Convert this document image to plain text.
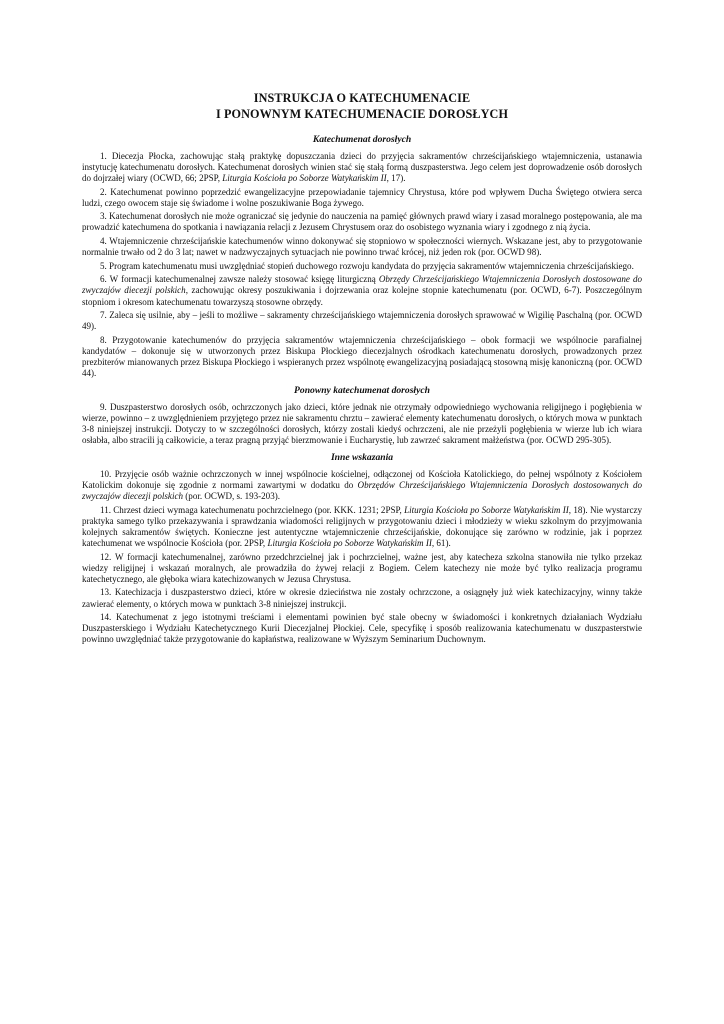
INSTRUKCJA O KATECHUMENACIE
I PONOWNYM KATECHUMENACIE DOROSŁYCH
Katechumenat dorosłych

1. Diecezja Płocka, zachowując stałą praktykę dopuszczania dzieci do przyjęcia sakramentów chrześcijańskiego wtajemniczenia, ustanawia instytucję katechumenatu dorosłych. Katechumenat dorosłych winien stać się stałą formą duszpasterstwa. Jego celem jest doprowadzenie osób dorosłych do dojrzałej wiary (OCWD, 66; 2PSP, Liturgia Kościoła po Soborze Watykańskim II, 17).

2. Katechumenat powinno poprzedzić ewangelizacyjne przepowiadanie tajemnicy Chrystusa, które pod wpływem Ducha Świętego otwiera serca ludzi, czego owocem staje się świadome i wolne poszukiwanie Boga żywego.

3. Katechumenat dorosłych nie może ograniczać się jedynie do nauczenia na pamięć głównych prawd wiary i zasad moralnego postępowania, ale ma prowadzić katechumena do spotkania i nawiązania relacji z Jezusem Chrystusem oraz do osobistego wyznania wiary i zgodnego z nią życia.

4. Wtajemniczenie chrześcijańskie katechumenów winno dokonywać się stopniowo w społeczności wiernych. Wskazane jest, aby to przygotowanie normalnie trwało od 2 do 3 lat; nawet w nadzwyczajnych sytuacjach nie powinno trwać krócej, niż jeden rok (por. OCWD 98).

5. Program katechumenatu musi uwzględniać stopień duchowego rozwoju kandydata do przyjęcia sakramentów wtajemniczenia chrześcijańskiego.

6. W formacji katechumenalnej zawsze należy stosować księgę liturgiczną Obrzędy Chrześcijańskiego Wtajemniczenia Dorosłych dostosowane do zwyczajów diecezji polskich, zachowując okresy poszukiwania i dojrzewania oraz kolejne stopnie katechumenatu (por. OCWD, 6-7). Poszczególnym stopniom i okresom katechumenatu towarzyszą stosowne obrzędy.

7. Zaleca się usilnie, aby – jeśli to możliwe – sakramenty chrześcijańskiego wtajemniczenia dorosłych sprawować w Wigilię Paschalną (por. OCWD 49).

8. Przygotowanie katechumenów do przyjęcia sakramentów wtajemniczenia chrześcijańskiego – obok formacji we wspólnocie parafialnej kandydatów – dokonuje się w utworzonych przez Biskupa Płockiego diecezjalnych ośrodkach katechumenatu dorosłych, prowadzonych przez prezbiterów mianowanych przez Biskupa Płockiego i wspieranych przez wspólnotę ewangelizacyjną posiadającą stosowną misję kanoniczną (por. OCWD 44).

Ponowny katechumenat dorosłych

9. Duszpasterstwo dorosłych osób, ochrzczonych jako dzieci, które jednak nie otrzymały odpowiedniego wychowania religijnego i pogłębienia w wierze, powinno – z uwzględnieniem przyjętego przez nie sakramentu chrztu – zawierać elementy katechumenatu dorosłych, o których mowa w punktach 3-8 niniejszej instrukcji. Dotyczy to w szczególności dorosłych, którzy zostali kiedyś ochrzczeni, ale nie przeżyli pogłębienia w wierze lub ich wiara osłabła, albo stracili ją całkowicie, a teraz pragną przyjąć bierzmowanie i Eucharystię, lub zawrzeć sakrament małżeństwa (por. OCWD 295-305).

Inne wskazania

10. Przyjęcie osób ważnie ochrzczonych w innej wspólnocie kościelnej, odłączonej od Kościoła Katolickiego, do pełnej wspólnoty z Kościołem Katolickim dokonuje się zgodnie z normami zawartymi w dodatku do Obrzędów Chrześcijańskiego Wtajemniczenia Dorosłych dostosowanych do zwyczajów diecezji polskich (por. OCWD, s. 193-203).

11. Chrzest dzieci wymaga katechumenatu pochrzcielnego (por. KKK. 1231; 2PSP, Liturgia Kościoła po Soborze Watykańskim II, 18). Nie wystarczy praktyka samego tylko przekazywania i sprawdzania wiadomości religijnych w przygotowaniu dzieci i młodzieży w wieku szkolnym do przyjmowania kolejnych sakramentów świętych. Konieczne jest autentyczne wtajemniczenie chrześcijańskie, dokonujące się zarówno w rodzinie, jak i poprzez katechumenat we wspólnocie Kościoła (por. 2PSP, Liturgia Kościoła po Soborze Watykańskim II, 61).

12. W formacji katechumenalnej, zarówno przedchrzcielnej jak i pochrzcielnej, ważne jest, aby katecheza szkolna stanowiła nie tylko przekaz wiedzy religijnej i wskazań moralnych, ale prowadziła do żywej relacji z Bogiem. Celem katechezy nie może być tylko realizacja programu katechetycznego, ale głęboka wiara katechizowanych w Jezusa Chrystusa.

13. Katechizacja i duszpasterstwo dzieci, które w okresie dzieciństwa nie zostały ochrzczone, a osiągnęły już wiek katechizacyjny, winny także zawierać elementy, o których mowa w punktach 3-8 niniejszej instrukcji.

14. Katechumenat z jego istotnymi treściami i elementami powinien być stale obecny w świadomości i konkretnych działaniach Wydziału Duszpasterskiego i Wydziału Katechetycznego Kurii Diecezjalnej Płockiej. Cele, specyfikę i sposób realizowania katechumenatu w duszpasterstwie powinno uwzględniać także przygotowanie do kapłaństwa, realizowane w Wyższym Seminarium Duchownym.
